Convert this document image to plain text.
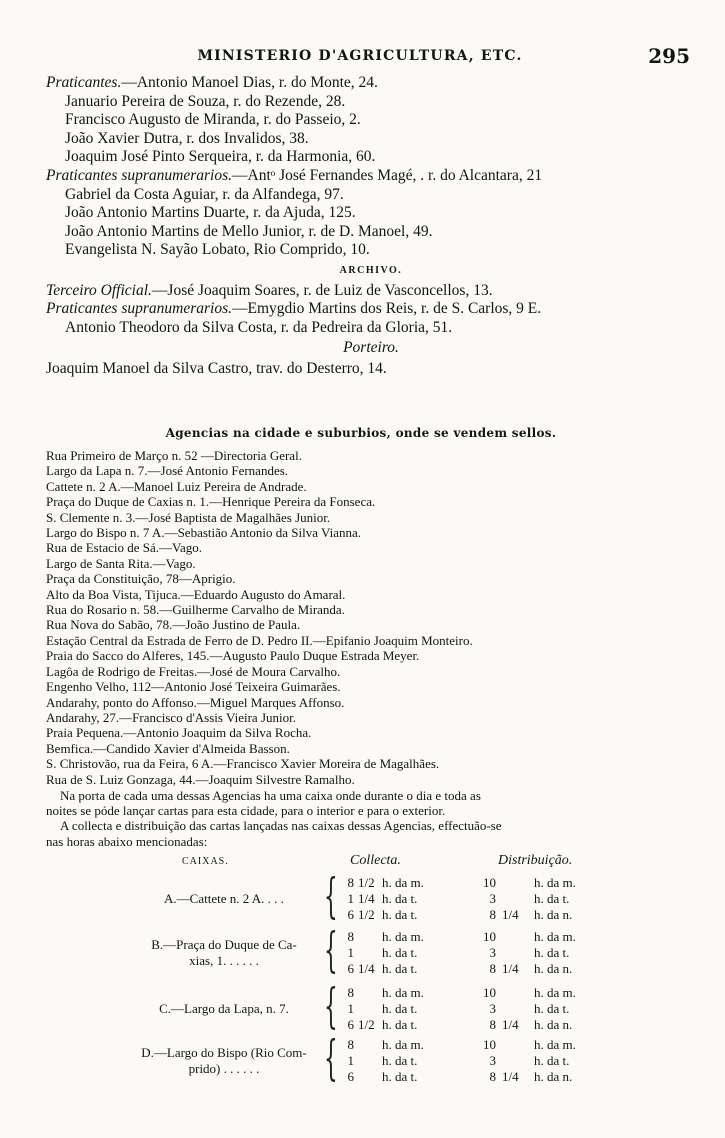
MINISTERIO D'AGRICULTURA, ETC.	295
Praticantes.—Antonio Manoel Dias, r. do Monte, 24.
Januario Pereira de Souza, r. do Rezende, 28.
Francisco Augusto de Miranda, r. do Passeio, 2.
João Xavier Dutra, r. dos Invalidos, 38.
Joaquim José Pinto Serqueira, r. da Harmonia, 60.
Praticantes supranumerarios.—Antᵒ José Fernandes Magé, . r. do Alcantara, 21
Gabriel da Costa Aguiar, r. da Alfandega, 97.
João Antonio Martins Duarte, r. da Ajuda, 125.
João Antonio Martins de Mello Junior, r. de D. Manoel, 49.
Evangelista N. Sayão Lobato, Rio Comprido, 10.
ARCHIVO.
Terceiro Official.—José Joaquim Soares, r. de Luiz de Vasconcellos, 13.
Praticantes supranumerarios.—Emygdio Martins dos Reis, r. de S. Carlos, 9 E.
Antonio Theodoro da Silva Costa, r. da Pedreira da Gloria, 51.
Porteiro.
Joaquim Manoel da Silva Castro, trav. do Desterro, 14.
Agencias na cidade e suburbios, onde se vendem sellos.
Rua Primeiro de Março n. 52 —Directoria Geral.
Largo da Lapa n. 7.—José Antonio Fernandes.
Cattete n. 2 A.—Manoel Luiz Pereira de Andrade.
Praça do Duque de Caxias n. 1.—Henrique Pereira da Fonseca.
S. Clemente n. 3.—José Baptista de Magalhães Junior.
Largo do Bispo n. 7 A.—Sebastião Antonio da Silva Vianna.
Rua de Estacio de Sá.—Vago.
Largo de Santa Rita.—Vago.
Praça da Constituição, 78—Aprigio.
Alto da Boa Vista, Tijuca.—Eduardo Augusto do Amaral.
Rua do Rosario n. 58.—Guilherme Carvalho de Miranda.
Rua Nova do Sabão, 78.—João Justino de Paula.
Estação Central da Estrada de Ferro de D. Pedro II.—Epifanio Joaquim Monteiro.
Praia do Sacco do Alferes, 145.—Augusto Paulo Duque Estrada Meyer.
Lagôa de Rodrigo de Freitas.—José de Moura Carvalho.
Engenho Velho, 112—Antonio José Teixeira Guimarães.
Andarahy, ponto do Affonso.—Miguel Marques Affonso.
Andarahy, 27.—Francisco d'Assis Vieira Junior.
Praia Pequena.—Antonio Joaquim da Silva Rocha.
Bemfica.—Candido Xavier d'Almeida Basson.
S. Christovão, rua da Feira, 6 A.—Francisco Xavier Moreira de Magalhães.
Rua de S. Luiz Gonzaga, 44.—Joaquim Silvestre Ramalho.
Na porta de cada uma dessas Agencias ha uma caixa onde durante o dia e toda as
noites se póde lançar cartas para esta cidade, para o interior e para o exterior.
A collecta e distribuição das cartas lançadas nas caixas dessas Agencias, effectuão-se
nas horas abaixo mencionadas:
CAIXAS.	Collecta.	Distribuição.
A.—Cattete n. 2 A. . . . { 8 1/2 h. da m.	10	h. da m.
1 1/4 h. da t.	3	h. da t.
6 1/2 h. da t.	8 1/4 h. da n.
B.—Praça do Duque de Ca-
xias, 1. . . . . .	{ 8 h. da m.	10	h. da m.
1 h. da t.	3	h. da t.
6 1/4 h. da t.	8 1/4 h. da n.
C.—Largo da Lapa, n. 7. { 8 h. da m.	10	h. da m.
1 h. da t.	3	h. da t.
6 1/2 h. da t.	8 1/4 h. da n.
D.—Largo do Bispo (Rio Com-
prido) . . . . . .	{ 8 h. da m.	10	h. da m.
1 h. da t.	3	h. da t.
6 h. da t.	8 1/4 h. da n.
